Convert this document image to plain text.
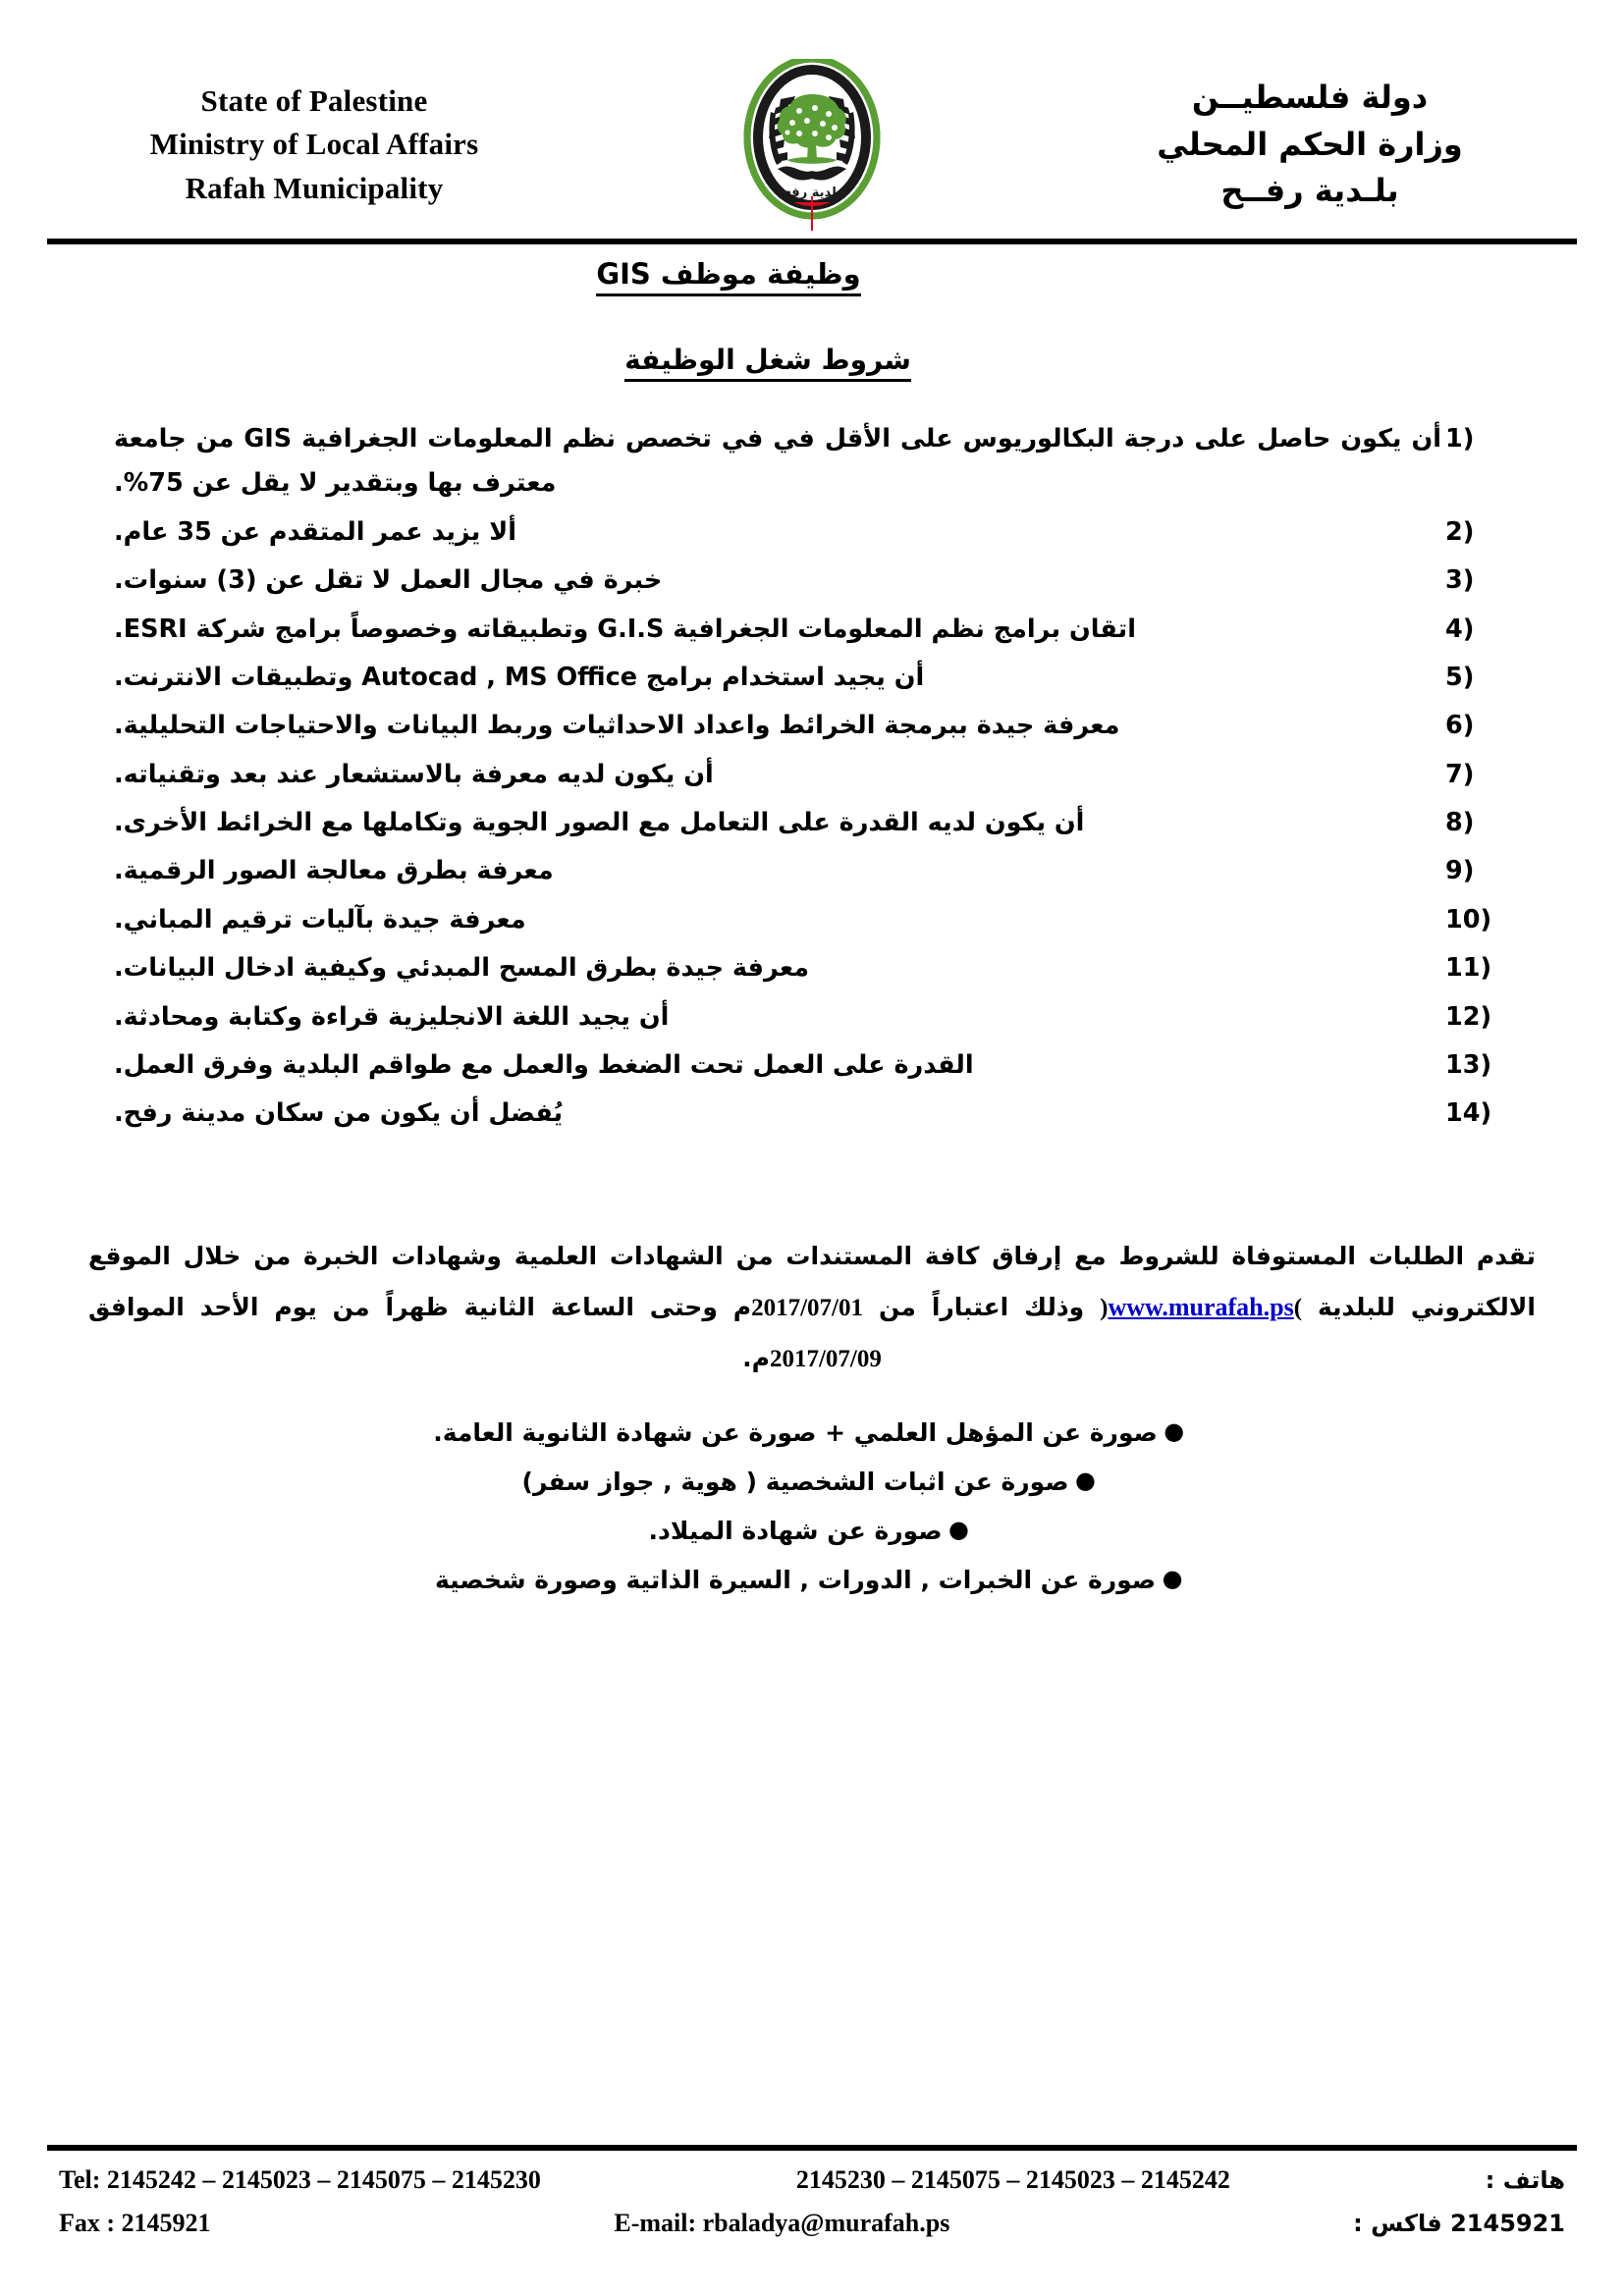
State of Palestine
Ministry of Local Affairs
Rafah Municipality	بلدية رفح
دولة فلسطيــن
وزارة الحكم المحلي
بلـدية رفــح
وظيفة موظف GIS
شروط شغل الوظيفة
أن يكون حاصل على درجة البكالوريوس على الأقل في في تخصص نظم المعلومات الجغرافية GIS من جامعة معترف بها وبتقدير لا يقل عن 75%.
ألا يزيد عمر المتقدم عن 35 عام.
خبرة في مجال العمل لا تقل عن (3) سنوات.
اتقان برامج نظم المعلومات الجغرافية G.I.S وتطبيقاته وخصوصاً برامج شركة ESRI.
أن يجيد استخدام برامج Autocad , MS Office وتطبيقات الانترنت.
معرفة جيدة ببرمجة الخرائط واعداد الاحداثيات وربط البيانات والاحتياجات التحليلية.
أن يكون لديه معرفة بالاستشعار عند بعد وتقنياته.
أن يكون لديه القدرة على التعامل مع الصور الجوية وتكاملها مع الخرائط الأخرى.
معرفة بطرق معالجة الصور الرقمية.
معرفة جيدة بآليات ترقيم المباني.
معرفة جيدة بطرق المسح المبدئي وكيفية ادخال البيانات.
أن يجيد اللغة الانجليزية قراءة وكتابة ومحادثة.
القدرة على العمل تحت الضغط والعمل مع طواقم البلدية وفرق العمل.
يُفضل أن يكون من سكان مدينة رفح.

تقدم الطلبات المستوفاة للشروط مع إرفاق كافة المستندات من الشهادات العلمية وشهادات الخبرة من خلال الموقع الالكتروني للبلدية (www.murafah.ps) وذلك اعتباراً من 2017/07/01م وحتى الساعة الثانية ظهراً من يوم الأحد الموافق 2017/07/09م.

●صورة عن المؤهل العلمي + صورة عن شهادة الثانوية العامة.
●صورة عن اثبات الشخصية ( هوية , جواز سفر)
●صورة عن شهادة الميلاد.
●صورة عن الخبرات , الدورات , السيرة الذاتية وصورة شخصية
Tel: 2145242 – 2145023 – 2145075 – 2145230	2145230 – 2145075 – 2145023 – 2145242	هاتف :
Fax : 2145921	E-mail: rbaladya@murafah.ps	2145921 فاكس :
